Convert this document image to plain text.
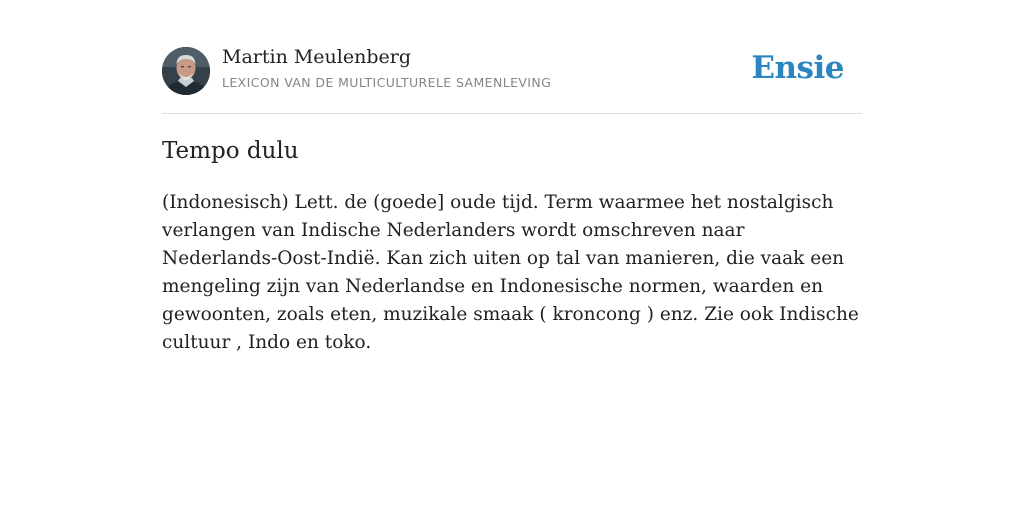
Martin Meulenberg
LEXICON VAN DE MULTICULTURELE SAMENLEVING	Ensie
Tempo dulu

(Indonesisch) Lett. de (goede] oude tijd. Term waarmee het nostalgisch verlangen van Indische Nederlanders wordt omschreven naar Nederlands-Oost-Indië. Kan zich uiten op tal van manieren, die vaak een mengeling zijn van Nederlandse en Indonesische normen, waarden en gewoonten, zoals eten, muzikale smaak ( kroncong ) enz. Zie ook Indische cultuur , Indo en toko.
